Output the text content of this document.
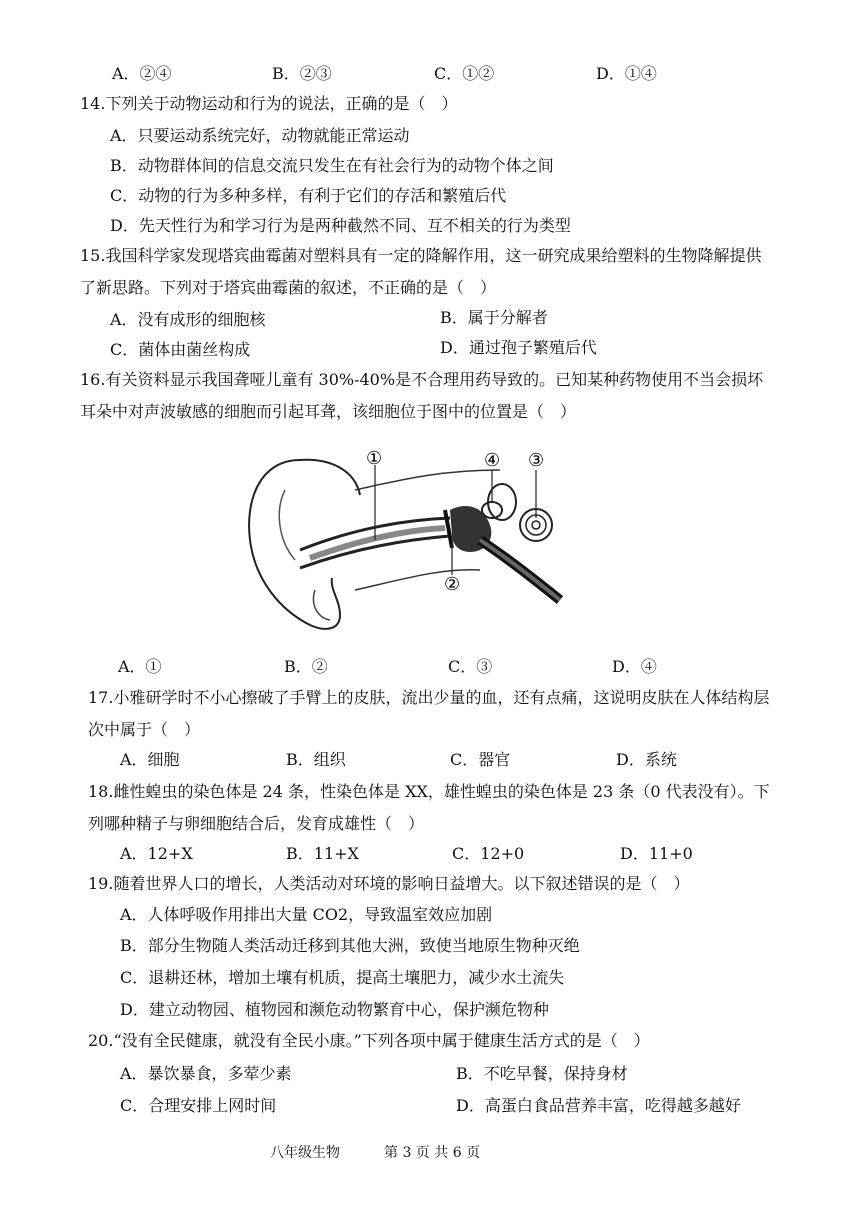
A．②④	B．②③	C．①②	D．①④
14.下列关于动物运动和行为的说法，正确的是（　）
A．只要运动系统完好，动物就能正常运动
B．动物群体间的信息交流只发生在有社会行为的动物个体之间
C．动物的行为多种多样，有利于它们的存活和繁殖后代
D．先天性行为和学习行为是两种截然不同、互不相关的行为类型
15.我国科学家发现塔宾曲霉菌对塑料具有一定的降解作用，这一研究成果给塑料的生物降解提供
了新思路。下列对于塔宾曲霉菌的叙述，不正确的是（　）
A．没有成形的细胞核	B．属于分解者
C．菌体由菌丝构成	D．通过孢子繁殖后代
16.有关资料显示我国聋哑儿童有 30%-40%是不合理用药导致的。已知某种药物使用不当会损坏
耳朵中对声波敏感的细胞而引起耳聋，该细胞位于图中的位置是（　）
①
②
③
④
A．①	B．②	C．③	D．④
17.小雅研学时不小心擦破了手臂上的皮肤，流出少量的血，还有点痛，这说明皮肤在人体结构层
次中属于（　）
A．细胞	B．组织	C．器官	D．系统
18.雌性蝗虫的染色体是 24 条，性染色体是 XX，雄性蝗虫的染色体是 23 条（0 代表没有）。下
列哪种精子与卵细胞结合后，发育成雄性（　）
A．12+X	B．11+X	C．12+0	D．11+0
19.随着世界人口的增长，人类活动对环境的影响日益增大。以下叙述错误的是（　）
A．人体呼吸作用排出大量 CO2，导致温室效应加剧
B．部分生物随人类活动迁移到其他大洲，致使当地原生物种灭绝
C．退耕还林，增加土壤有机质，提高土壤肥力，减少水土流失
D．建立动物园、植物园和濒危动物繁育中心，保护濒危物种
20.“没有全民健康，就没有全民小康。”下列各项中属于健康生活方式的是（　）
A．暴饮暴食，多荤少素	B．不吃早餐，保持身材
C．合理安排上网时间	D．高蛋白食品营养丰富，吃得越多越好
八年级生物	第 3 页 共 6 页
